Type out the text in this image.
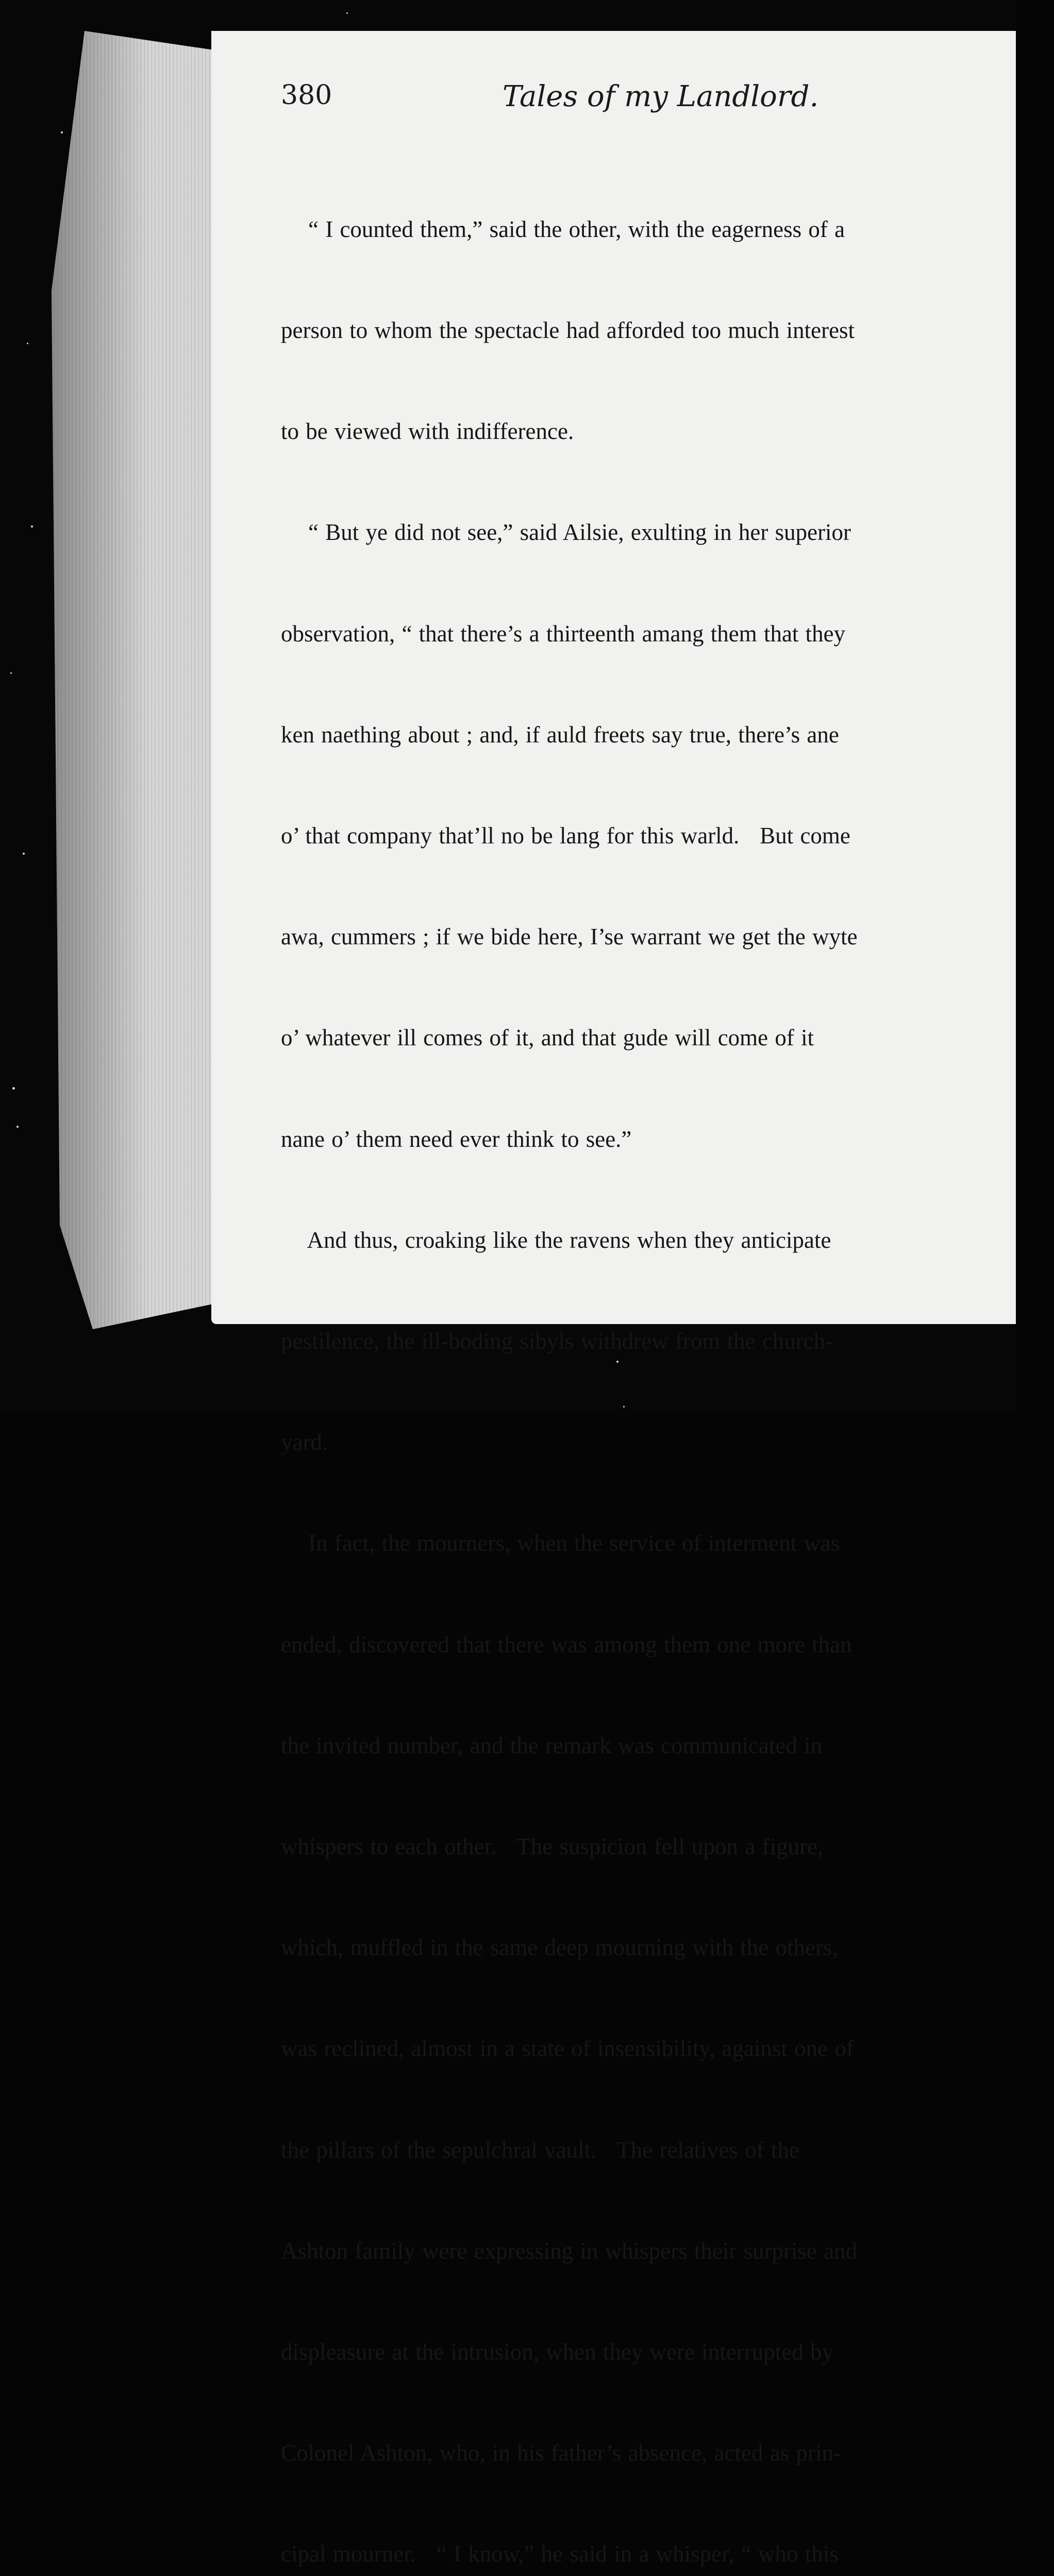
380	Tales of my Landlord.

“ I counted them,” said the other, with the eagerness of a

person to whom the spectacle had afforded too much interest

to be viewed with indifference.

“ But ye did not see,” said Ailsie, exulting in her superior

observation, “ that there’s a thirteenth amang them that they

ken naething about ; and, if auld freets say true, there’s ane

o’ that company that’ll no be lang for this warld.   But come

awa, cummers ; if we bide here, I’se warrant we get the wyte

o’ whatever ill comes of it, and that gude will come of it

nane o’ them need ever think to see.”

And thus, croaking like the ravens when they anticipate

pestilence, the ill-boding sibyls withdrew from the church-

yard.

In fact, the mourners, when the service of interment was

ended, discovered that there was among them one more than

the invited number, and the remark was communicated in

whispers to each other.   The suspicion fell upon a figure,

which, muffled in the same deep mourning with the others,

was reclined, almost in a state of insensibility, against one of

the pillars of the sepulchral vault.   The relatives of the

Ashton family were expressing in whispers their surprise and

displeasure at the intrusion, when they were interrupted by

Colonel Ashton, who, in his father’s absence, acted as prin-

cipal mourner.   “ I know,” he said in a whisper, “ who this
